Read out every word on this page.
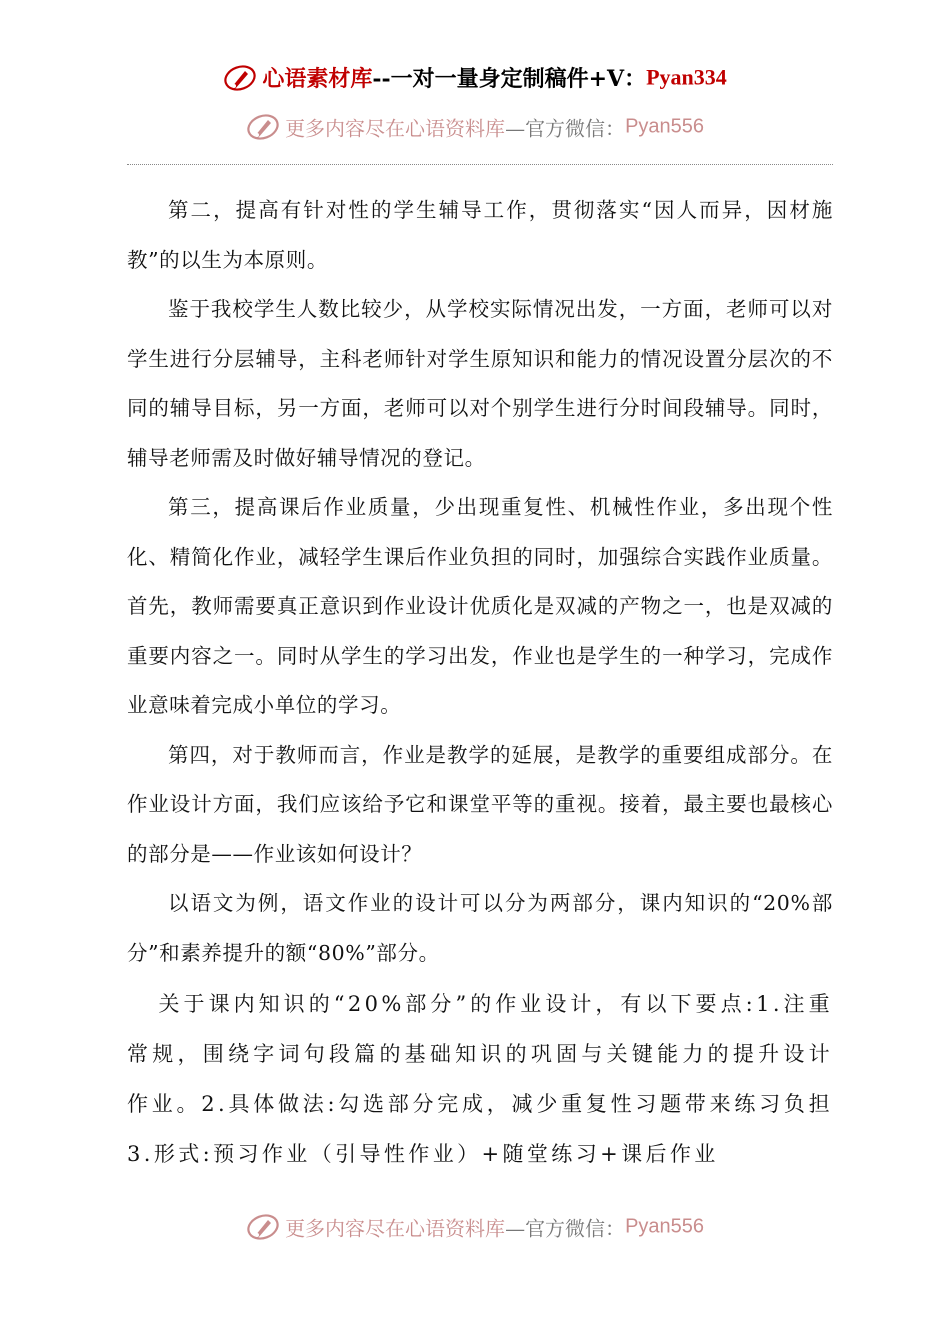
心语素材库--一对一量身定制稿件+V：Pyan334
更多内容尽在心语资料库—官方微信：Pyan556

第二，提高有针对性的学生辅导工作，贯彻落实“因人而异，因材施教”的以生为本原则。

鉴于我校学生人数比较少，从学校实际情况出发，一方面，老师可以对学生进行分层辅导，主科老师针对学生原知识和能力的情况设置分层次的不同的辅导目标，另一方面，老师可以对个别学生进行分时间段辅导。同时，辅导老师需及时做好辅导情况的登记。

第三，提高课后作业质量，少出现重复性、机械性作业，多出现个性化、精简化作业，减轻学生课后作业负担的同时，加强综合实践作业质量。首先，教师需要真正意识到作业设计优质化是双减的产物之一，也是双减的重要内容之一。同时从学生的学习出发，作业也是学生的一种学习，完成作业意味着完成小单位的学习。

第四，对于教师而言，作业是教学的延展，是教学的重要组成部分。在作业设计方面，我们应该给予它和课堂平等的重视。接着，最主要也最核心的部分是——作业该如何设计？

以语文为例，语文作业的设计可以分为两部分，课内知识的“20%部分”和素养提升的额“80%”部分。

关于课内知识的“20%部分”的作业设计，有以下要点:1.注重常规，围绕字词句段篇的基础知识的巩固与关键能力的提升设计作业。2.具体做法:勾选部分完成，减少重复性习题带来练习负担3.形式:预习作业（引导性作业）+随堂练习+课后作业

更多内容尽在心语资料库—官方微信：Pyan556
